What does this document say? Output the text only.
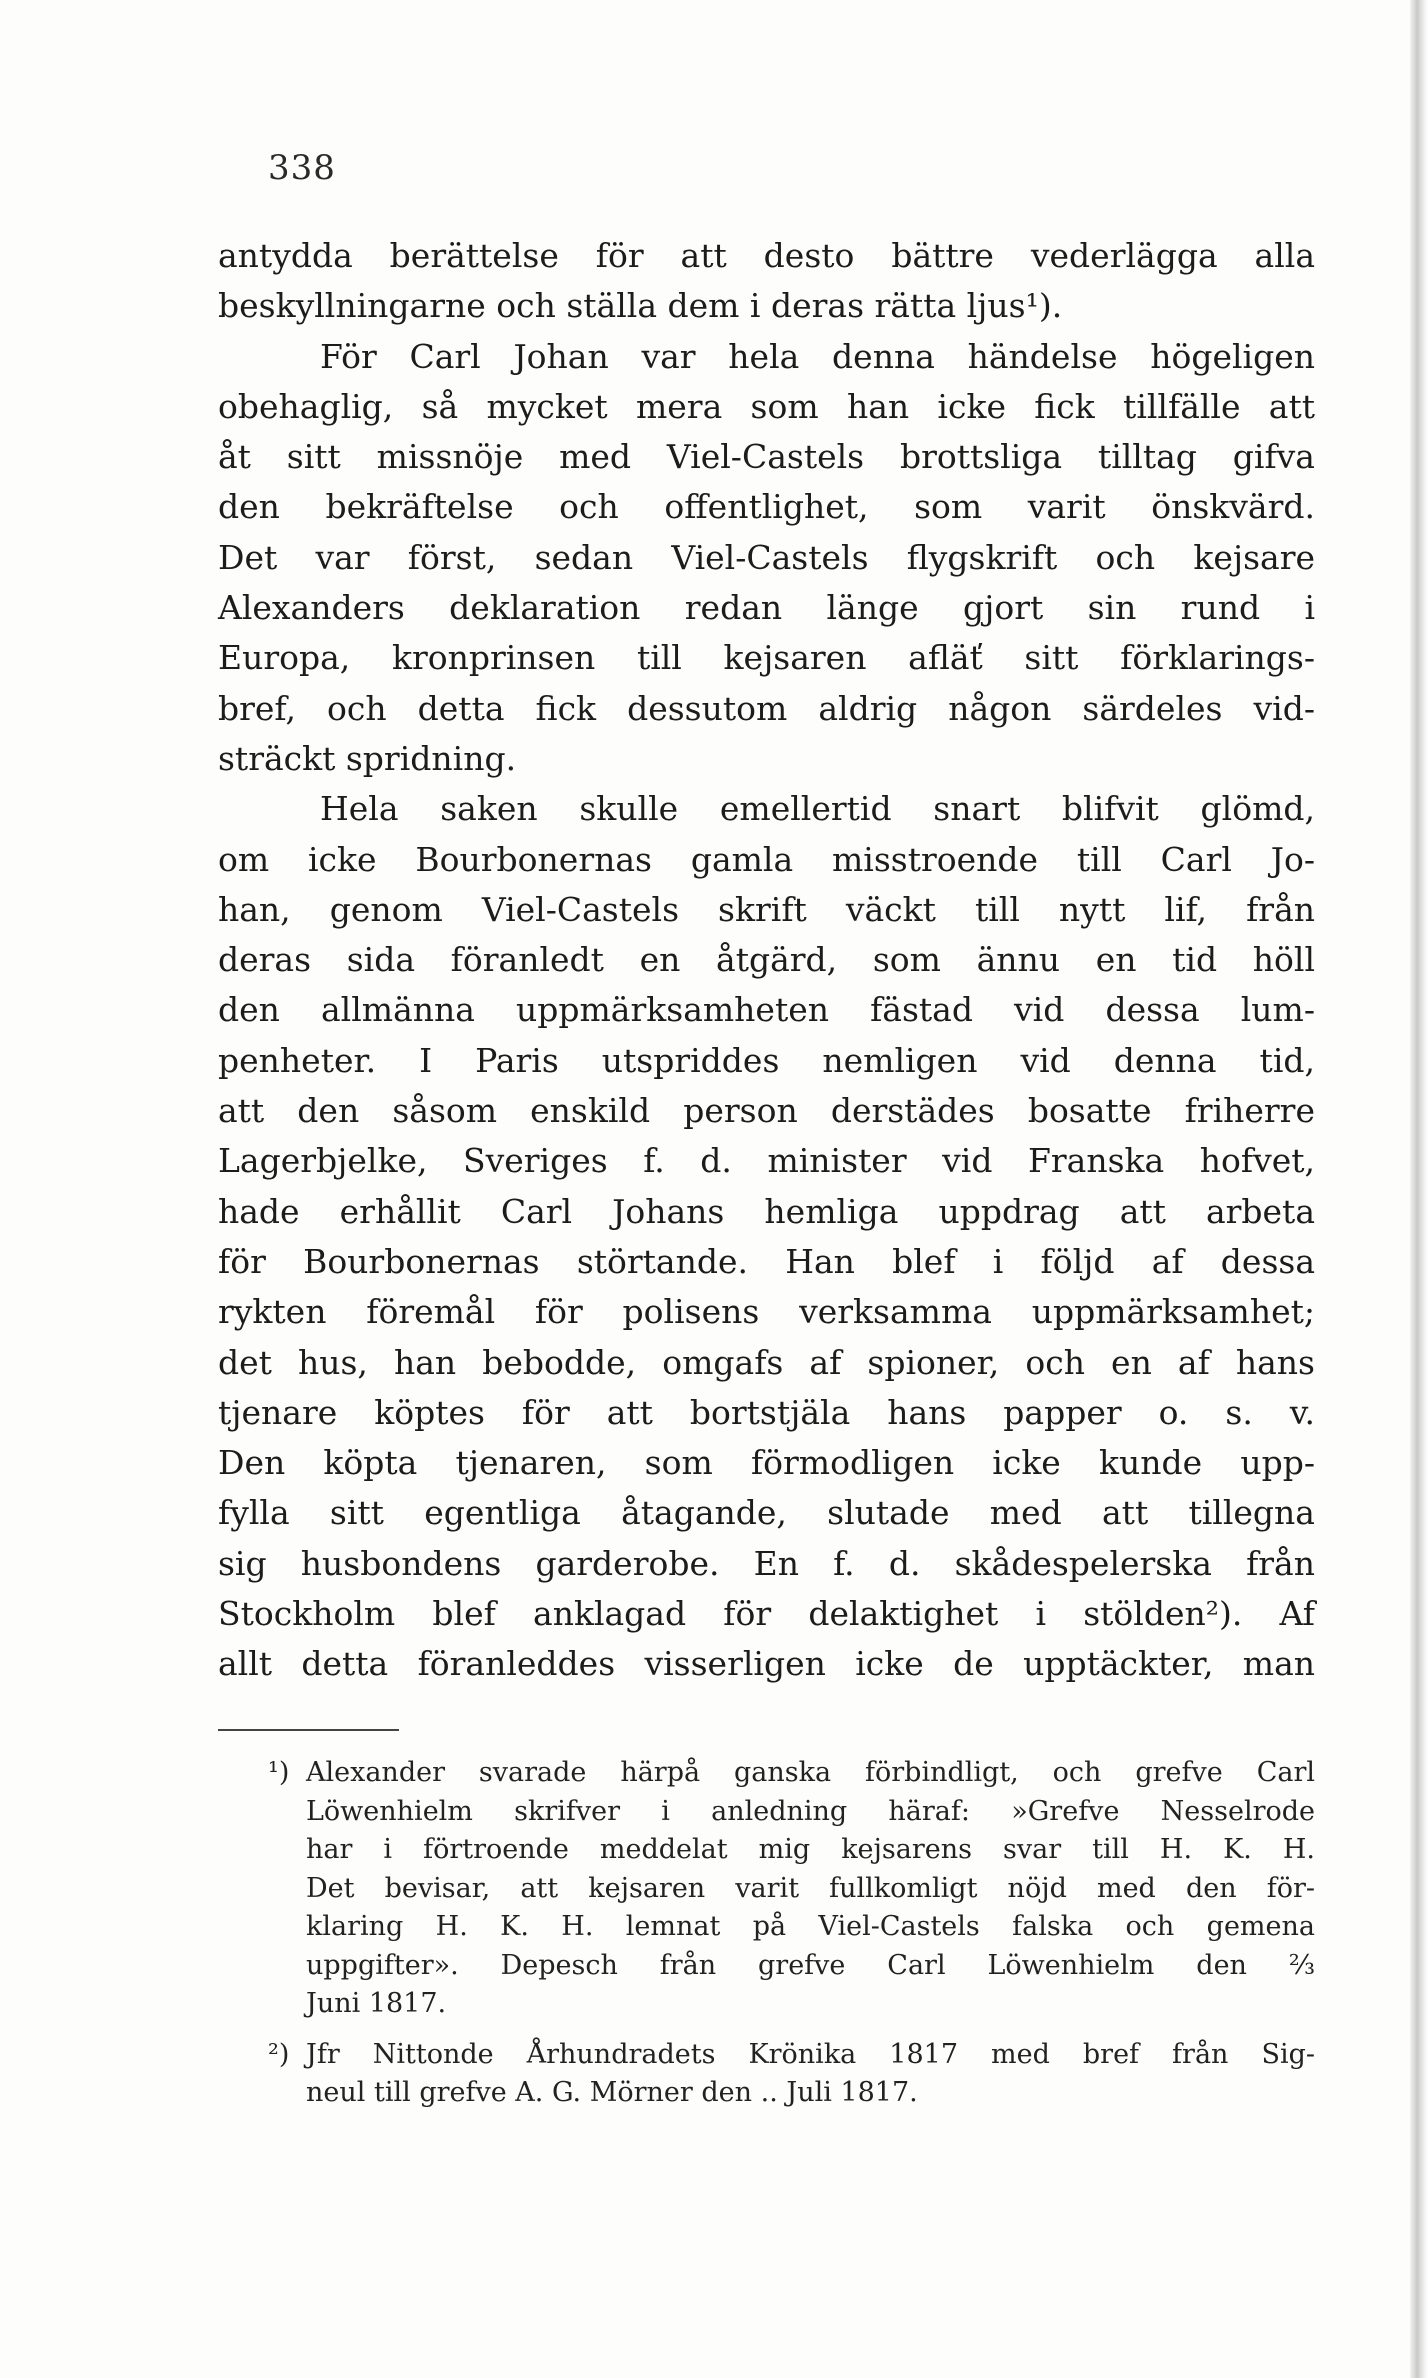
338
antydda berättelse för att desto bättre vederlägga alla
beskyllningarne och ställa dem i deras rätta ljus¹).
För Carl Johan var hela denna händelse högeligen
obehaglig, så mycket mera som han icke fick tillfälle att
åt sitt missnöje med Viel-Castels brottsliga tilltag gifva
den bekräftelse och offentlighet, som varit önskvärd.
Det var först, sedan Viel-Castels flygskrift och kejsare
Alexanders deklaration redan länge gjort sin rund i
Europa, kronprinsen till kejsaren afläť sitt förklarings-
bref, och detta fick dessutom aldrig någon särdeles vid-
sträckt spridning.
Hela saken skulle emellertid snart blifvit glömd,
om icke Bourbonernas gamla misstroende till Carl Jo-
han, genom Viel-Castels skrift väckt till nytt lif, från
deras sida föranledt en åtgärd, som ännu en tid höll
den allmänna uppmärksamheten fästad vid dessa lum-
penheter. I Paris utspriddes nemligen vid denna tid,
att den såsom enskild person derstädes bosatte friherre
Lagerbjelke, Sveriges f. d. minister vid Franska hofvet,
hade erhållit Carl Johans hemliga uppdrag att arbeta
för Bourbonernas störtande. Han blef i följd af dessa
rykten föremål för polisens verksamma uppmärksamhet;
det hus, han bebodde, omgafs af spioner, och en af hans
tjenare köptes för att bortstjäla hans papper o. s. v.
Den köpta tjenaren, som förmodligen icke kunde upp-
fylla sitt egentliga åtagande, slutade med att tillegna
sig husbondens garderobe. En f. d. skådespelerska från
Stockholm blef anklagad för delaktighet i stölden²). Af
allt detta föranleddes visserligen icke de upptäckter, man
¹) Alexander svarade härpå ganska förbindligt, och grefve Carl
Löwenhielm skrifver i anledning häraf: »Grefve Nesselrode
har i förtroende meddelat mig kejsarens svar till H. K. H.
Det bevisar, att kejsaren varit fullkomligt nöjd med den för-
klaring H. K. H. lemnat på Viel-Castels falska och gemena
uppgifter». Depesch från grefve Carl Löwenhielm den ⅔
Juni 1817.
²) Jfr Nittonde Århundradets Krönika 1817 med bref från Sig-
neul till grefve A. G. Mörner den .. Juli 1817.
